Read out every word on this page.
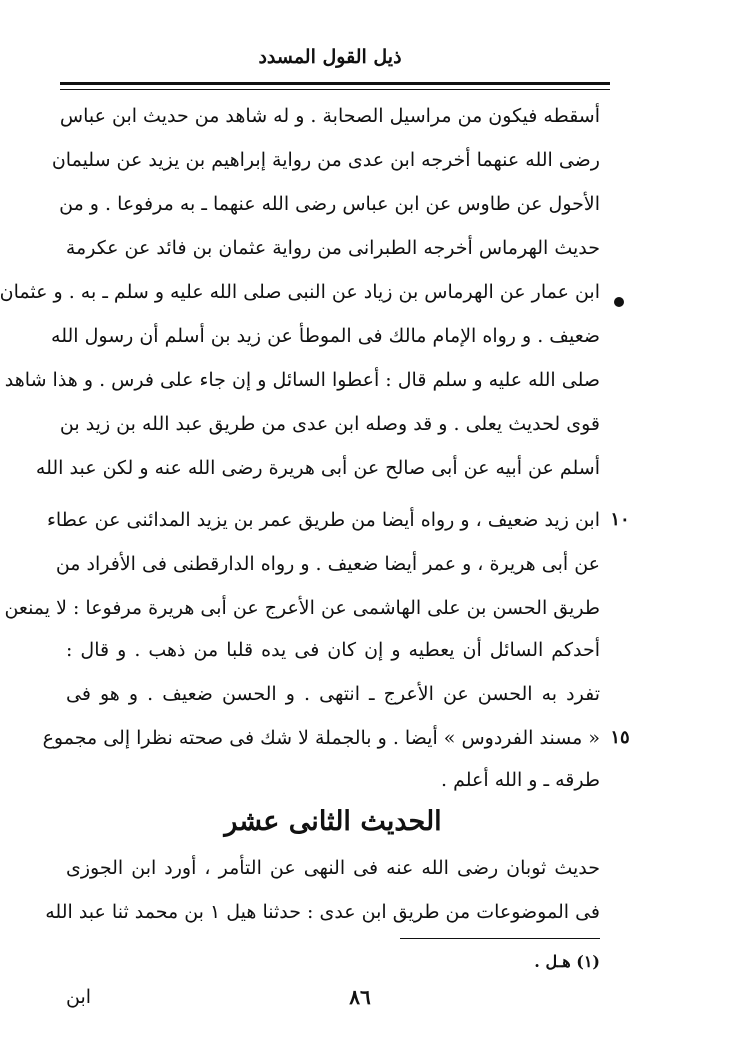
ذيل القول المسدد
أسقطه فيكون من مراسيل الصحابة . و له شاهد من حديث ابن عباس
رضى الله عنهما أخرجه ابن عدى من رواية إبراهيم بن يزيد عن سليمان
الأحول عن طاوس عن ابن عباس رضى الله عنهما ـ به مرفوعا . و من
حديث الهرماس أخرجه الطبرانى من رواية عثمان بن فائد عن عكرمة
ابن عمار عن الهرماس بن زياد عن النبى صلى الله عليه و سلم ـ به . و عثمان
ضعيف . و رواه الإمام مالك فى الموطأ عن زيد بن أسلم أن رسول الله
صلى الله عليه و سلم قال : أعطوا السائل و إن جاء على فرس . و هذا شاهد
قوى لحديث يعلى . و قد وصله ابن عدى من طريق عبد الله بن زيد بن
أسلم عن أبيه عن أبى صالح عن أبى هريرة رضى الله عنه و لكن عبد الله
ابن زيد ضعيف ، و رواه أيضا من طريق عمر بن يزيد المدائنى عن عطاء ١٠
عن أبى هريرة ، و عمر أيضا ضعيف . و رواه الدارقطنى فى الأفراد من
طريق الحسن بن على الهاشمى عن الأعرج عن أبى هريرة مرفوعا : لا يمنعن
أحدكم السائل أن يعطيه و إن كان فى يده قلبا من ذهب . و قال :
تفرد به الحسن عن الأعرج ـ انتهى . و الحسن ضعيف . و هو فى
« مسند الفردوس » أيضا . و بالجملة لا شك فى صحته نظرا إلى مجموع ١٥
طرقه ـ و الله أعلم .
الحديث الثانى عشر
حديث ثوبان رضى الله عنه فى النهى عن التأمر ، أورد ابن الجوزى
فى الموضوعات من طريق ابن عدى : حدثنا هيل ١ بن محمد ثنا عبد الله
(١) هـل .
٨٦
ابن
